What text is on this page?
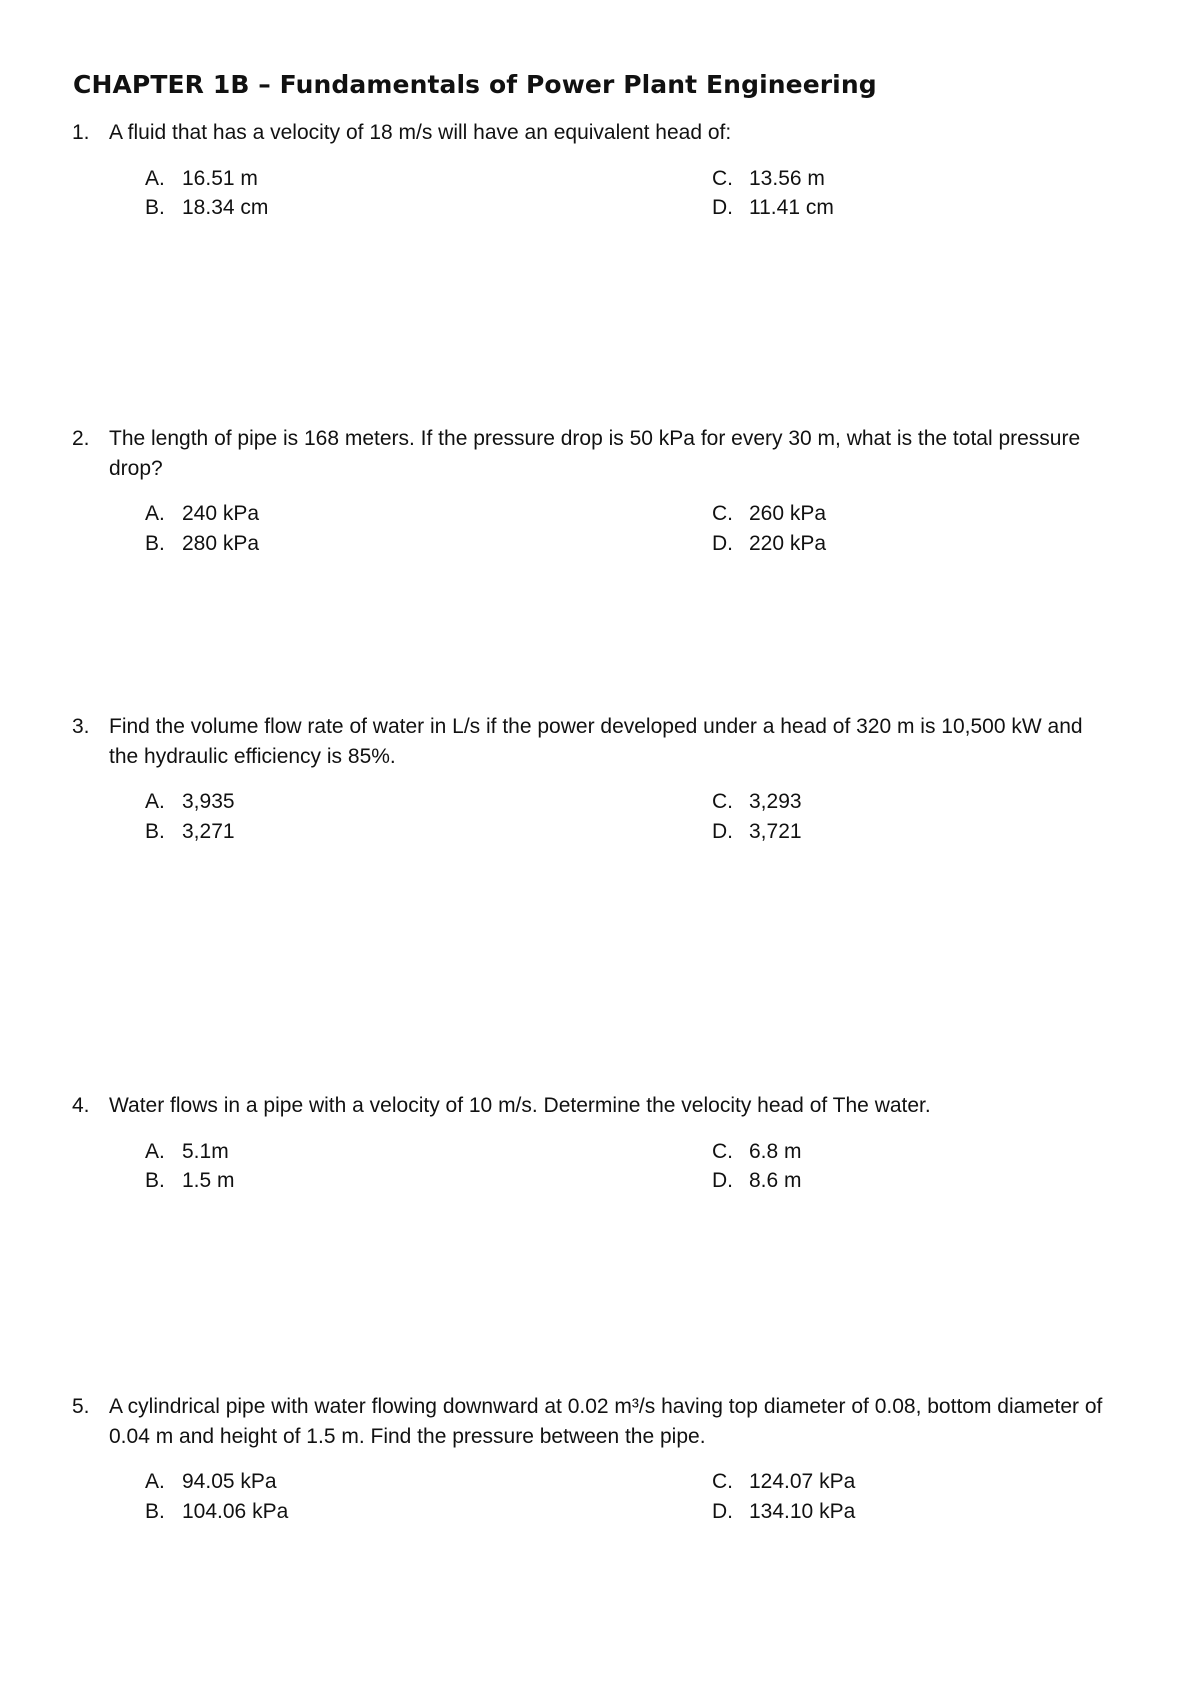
CHAPTER 1B – Fundamentals of Power Plant Engineering
1. A fluid that has a velocity of 18 m/s will have an equivalent head of:
A. 16.51 m
B. 18.34 cm
C. 13.56 m
D. 11.41 cm
2. The length of pipe is 168 meters. If the pressure drop is 50 kPa for every 30 m, what is the total pressure drop?
A. 240 kPa
B. 280 kPa
C. 260 kPa
D. 220 kPa
3. Find the volume flow rate of water in L/s if the power developed under a head of 320 m is 10,500 kW and the hydraulic efficiency is 85%.
A. 3,935
B. 3,271
C. 3,293
D. 3,721
4. Water flows in a pipe with a velocity of 10 m/s. Determine the velocity head of The water.
A. 5.1m
B. 1.5 m
C. 6.8 m
D. 8.6 m
5. A cylindrical pipe with water flowing downward at 0.02 m³/s having top diameter of 0.08, bottom diameter of 0.04 m and height of 1.5 m. Find the pressure between the pipe.
A. 94.05 kPa
B. 104.06 kPa
C. 124.07 kPa
D. 134.10 kPa
